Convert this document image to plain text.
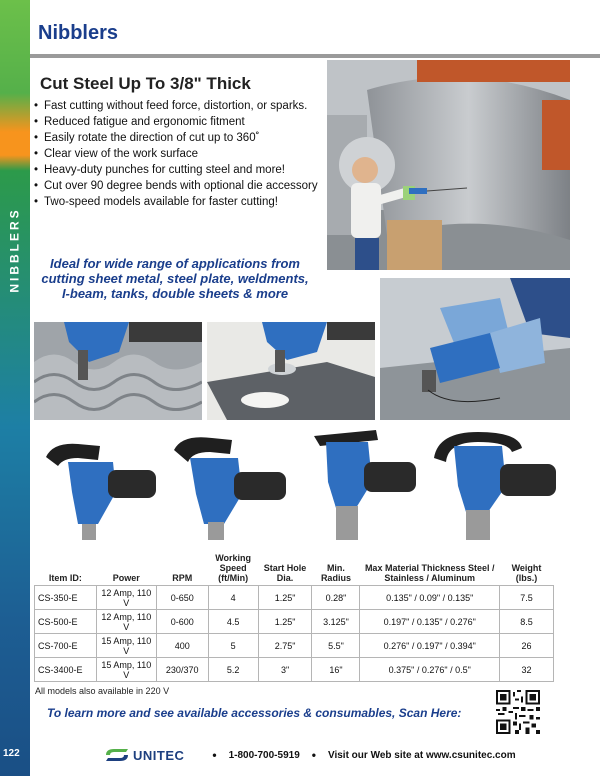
NIBBLERS
122
Nibblers
Cut Steel Up To 3/8" Thick
• Fast cutting without feed force, distortion, or sparks.
• Reduced fatigue and ergonomic fitment
• Easily rotate the direction of cut up to 360˚
• Clear view of the work surface
• Heavy-duty punches for cutting steel and more!
• Cut over 90 degree bends with optional die accessory
• Two-speed models available for faster cutting!
Ideal for wide range of applications from cutting sheet metal, steel plate, weldments, I-beam, tanks, double sheets & more
Item ID:	Power	RPM	Working Speed (ft/Min)	Start Hole Dia.	Min. Radius	Max Material Thickness Steel / Stainless / Aluminum	Weight (lbs.)
CS-350-E	12 Amp, 110 V	0-650	4	1.25"	0.28"	0.135" / 0.09" / 0.135"	7.5
CS-500-E	12 Amp, 110 V	0-600	4.5	1.25"	3.125"	0.197" / 0.135" / 0.276"	8.5
CS-700-E	15 Amp, 110 V	400	5	2.75"	5.5"	0.276" / 0.197" / 0.394"	26
CS-3400-E	15 Amp, 110 V	230/370	5.2	3"	16"	0.375" / 0.276" / 0.5"	32
All models also available in 220 V
To learn more and see available accessories & consumables, Scan Here:
UNITEC • 1-800-700-5919 • Visit our Web site at www.csunitec.com
